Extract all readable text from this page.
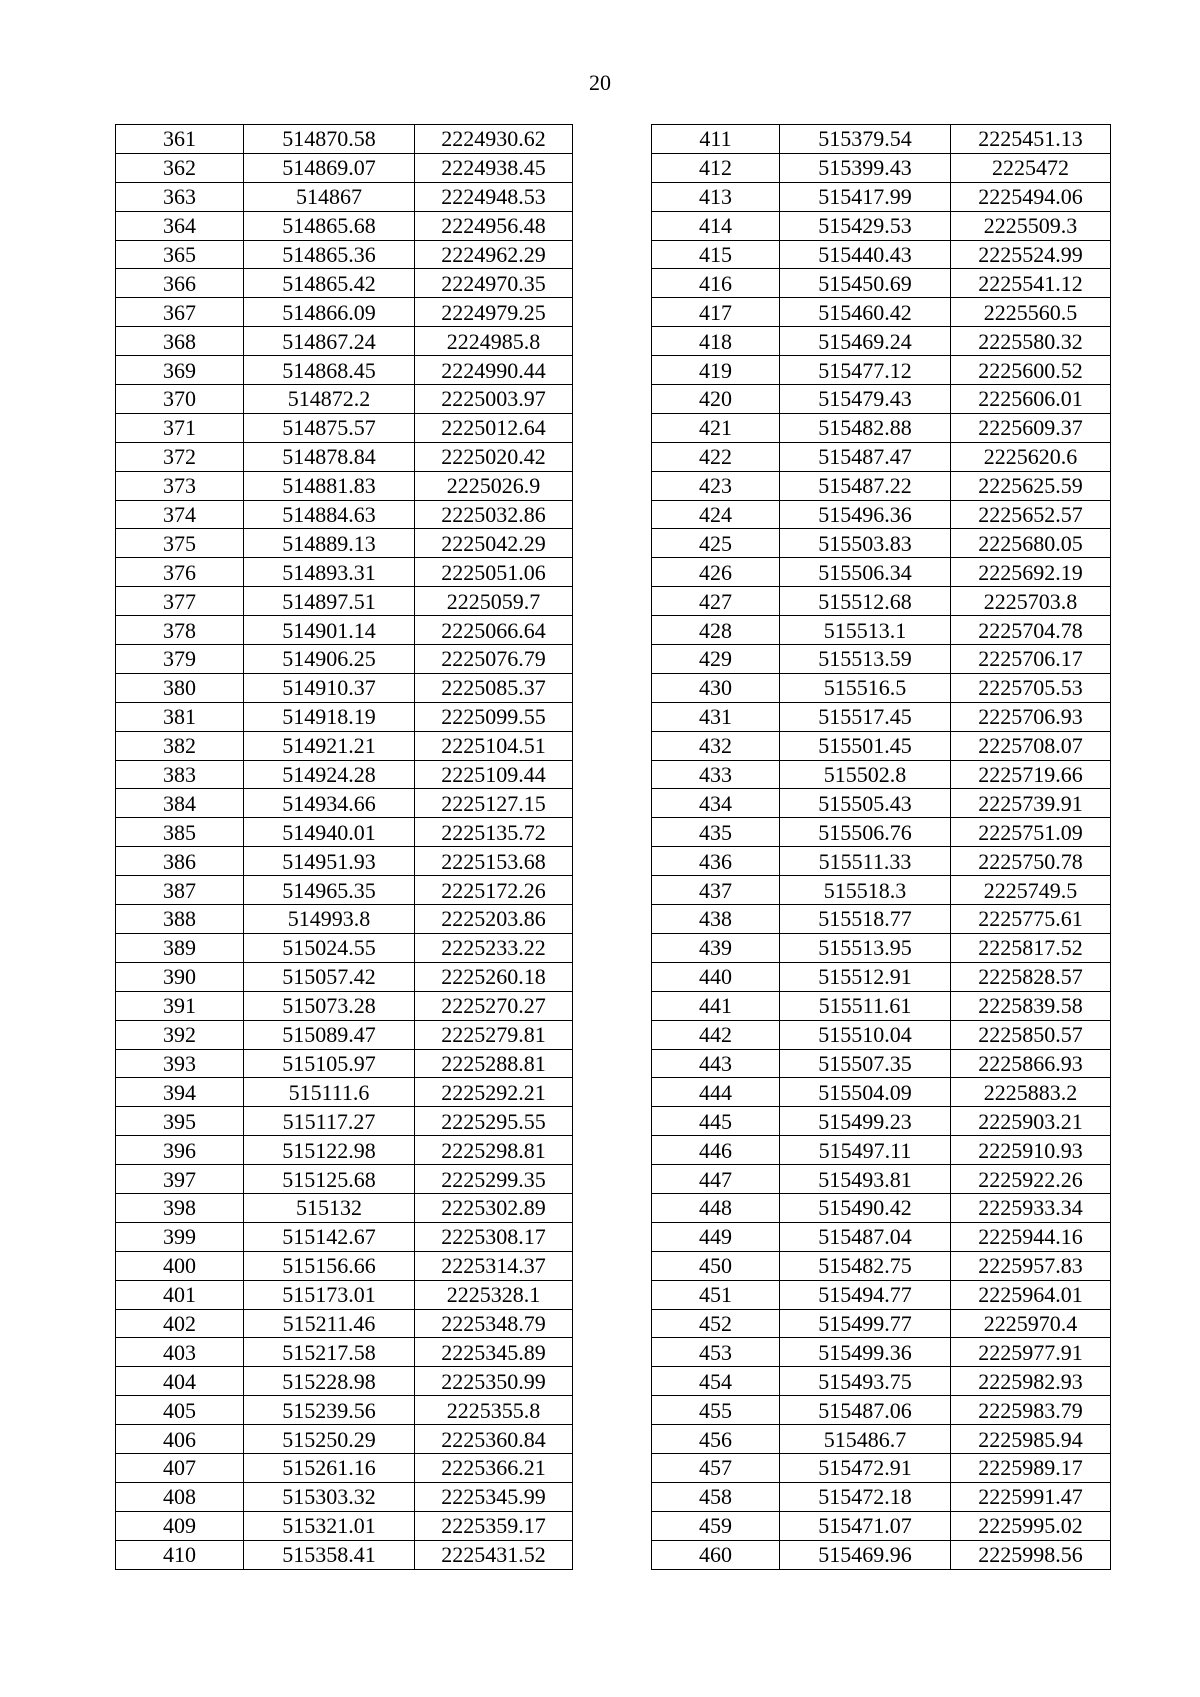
20
361	514870.58	2224930.62
362	514869.07	2224938.45
363	514867	2224948.53
364	514865.68	2224956.48
365	514865.36	2224962.29
366	514865.42	2224970.35
367	514866.09	2224979.25
368	514867.24	2224985.8
369	514868.45	2224990.44
370	514872.2	2225003.97
371	514875.57	2225012.64
372	514878.84	2225020.42
373	514881.83	2225026.9
374	514884.63	2225032.86
375	514889.13	2225042.29
376	514893.31	2225051.06
377	514897.51	2225059.7
378	514901.14	2225066.64
379	514906.25	2225076.79
380	514910.37	2225085.37
381	514918.19	2225099.55
382	514921.21	2225104.51
383	514924.28	2225109.44
384	514934.66	2225127.15
385	514940.01	2225135.72
386	514951.93	2225153.68
387	514965.35	2225172.26
388	514993.8	2225203.86
389	515024.55	2225233.22
390	515057.42	2225260.18
391	515073.28	2225270.27
392	515089.47	2225279.81
393	515105.97	2225288.81
394	515111.6	2225292.21
395	515117.27	2225295.55
396	515122.98	2225298.81
397	515125.68	2225299.35
398	515132	2225302.89
399	515142.67	2225308.17
400	515156.66	2225314.37
401	515173.01	2225328.1
402	515211.46	2225348.79
403	515217.58	2225345.89
404	515228.98	2225350.99
405	515239.56	2225355.8
406	515250.29	2225360.84
407	515261.16	2225366.21
408	515303.32	2225345.99
409	515321.01	2225359.17
410	515358.41	2225431.52
411	515379.54	2225451.13
412	515399.43	2225472
413	515417.99	2225494.06
414	515429.53	2225509.3
415	515440.43	2225524.99
416	515450.69	2225541.12
417	515460.42	2225560.5
418	515469.24	2225580.32
419	515477.12	2225600.52
420	515479.43	2225606.01
421	515482.88	2225609.37
422	515487.47	2225620.6
423	515487.22	2225625.59
424	515496.36	2225652.57
425	515503.83	2225680.05
426	515506.34	2225692.19
427	515512.68	2225703.8
428	515513.1	2225704.78
429	515513.59	2225706.17
430	515516.5	2225705.53
431	515517.45	2225706.93
432	515501.45	2225708.07
433	515502.8	2225719.66
434	515505.43	2225739.91
435	515506.76	2225751.09
436	515511.33	2225750.78
437	515518.3	2225749.5
438	515518.77	2225775.61
439	515513.95	2225817.52
440	515512.91	2225828.57
441	515511.61	2225839.58
442	515510.04	2225850.57
443	515507.35	2225866.93
444	515504.09	2225883.2
445	515499.23	2225903.21
446	515497.11	2225910.93
447	515493.81	2225922.26
448	515490.42	2225933.34
449	515487.04	2225944.16
450	515482.75	2225957.83
451	515494.77	2225964.01
452	515499.77	2225970.4
453	515499.36	2225977.91
454	515493.75	2225982.93
455	515487.06	2225983.79
456	515486.7	2225985.94
457	515472.91	2225989.17
458	515472.18	2225991.47
459	515471.07	2225995.02
460	515469.96	2225998.56
